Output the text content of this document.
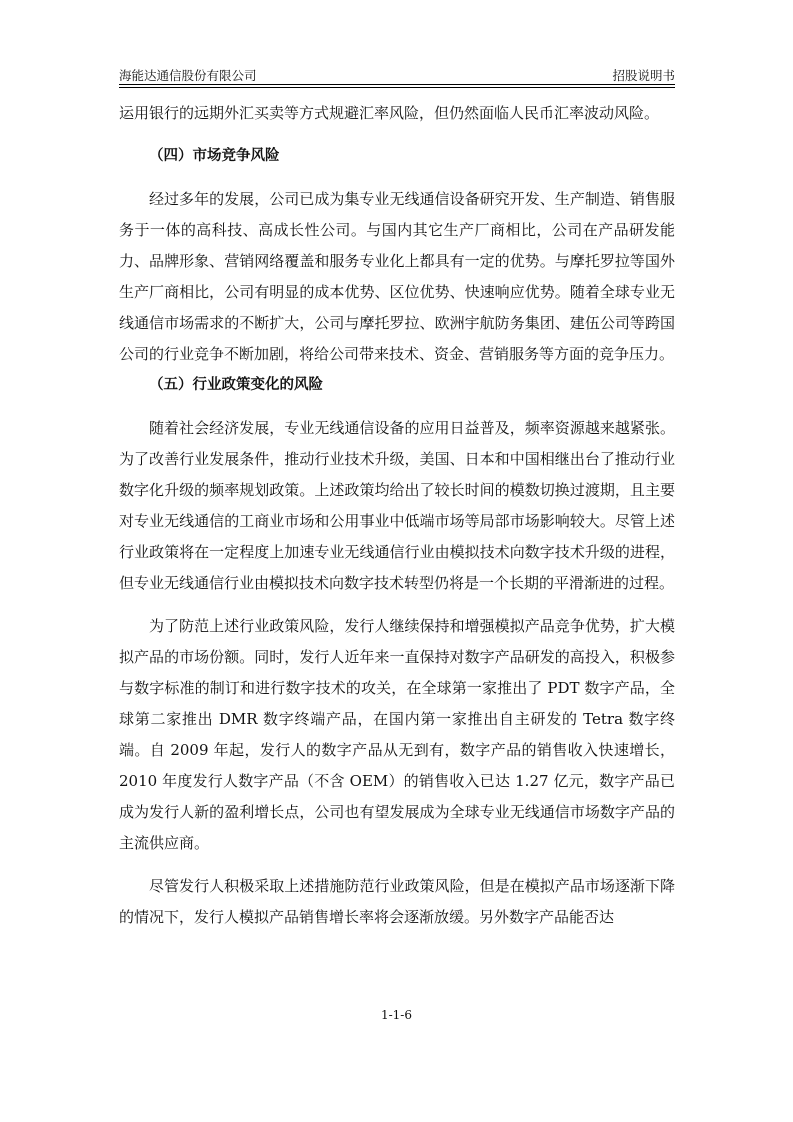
海能达通信股份有限公司	招股说明书

运用银行的远期外汇买卖等方式规避汇率风险，但仍然面临人民币汇率波动风险。

（四）市场竞争风险

经过多年的发展，公司已成为集专业无线通信设备研究开发、生产制造、销售服务于一体的高科技、高成长性公司。与国内其它生产厂商相比，公司在产品研发能力、品牌形象、营销网络覆盖和服务专业化上都具有一定的优势。与摩托罗拉等国外生产厂商相比，公司有明显的成本优势、区位优势、快速响应优势。随着全球专业无线通信市场需求的不断扩大，公司与摩托罗拉、欧洲宇航防务集团、建伍公司等跨国公司的行业竞争不断加剧，将给公司带来技术、资金、营销服务等方面的竞争压力。

（五）行业政策变化的风险

随着社会经济发展，专业无线通信设备的应用日益普及，频率资源越来越紧张。为了改善行业发展条件，推动行业技术升级，美国、日本和中国相继出台了推动行业数字化升级的频率规划政策。上述政策均给出了较长时间的模数切换过渡期，且主要对专业无线通信的工商业市场和公用事业中低端市场等局部市场影响较大。尽管上述行业政策将在一定程度上加速专业无线通信行业由模拟技术向数字技术升级的进程，但专业无线通信行业由模拟技术向数字技术转型仍将是一个长期的平滑渐进的过程。

为了防范上述行业政策风险，发行人继续保持和增强模拟产品竞争优势，扩大模拟产品的市场份额。同时，发行人近年来一直保持对数字产品研发的高投入，积极参与数字标准的制订和进行数字技术的攻关，在全球第一家推出了 PDT 数字产品，全球第二家推出 DMR 数字终端产品，在国内第一家推出自主研发的 Tetra 数字终端。自 2009 年起，发行人的数字产品从无到有，数字产品的销售收入快速增长，2010 年度发行人数字产品（不含 OEM）的销售收入已达 1.27 亿元，数字产品已成为发行人新的盈利增长点，公司也有望发展成为全球专业无线通信市场数字产品的主流供应商。

尽管发行人积极采取上述措施防范行业政策风险，但是在模拟产品市场逐渐下降的情况下，发行人模拟产品销售增长率将会逐渐放缓。另外数字产品能否达

1-1-6
